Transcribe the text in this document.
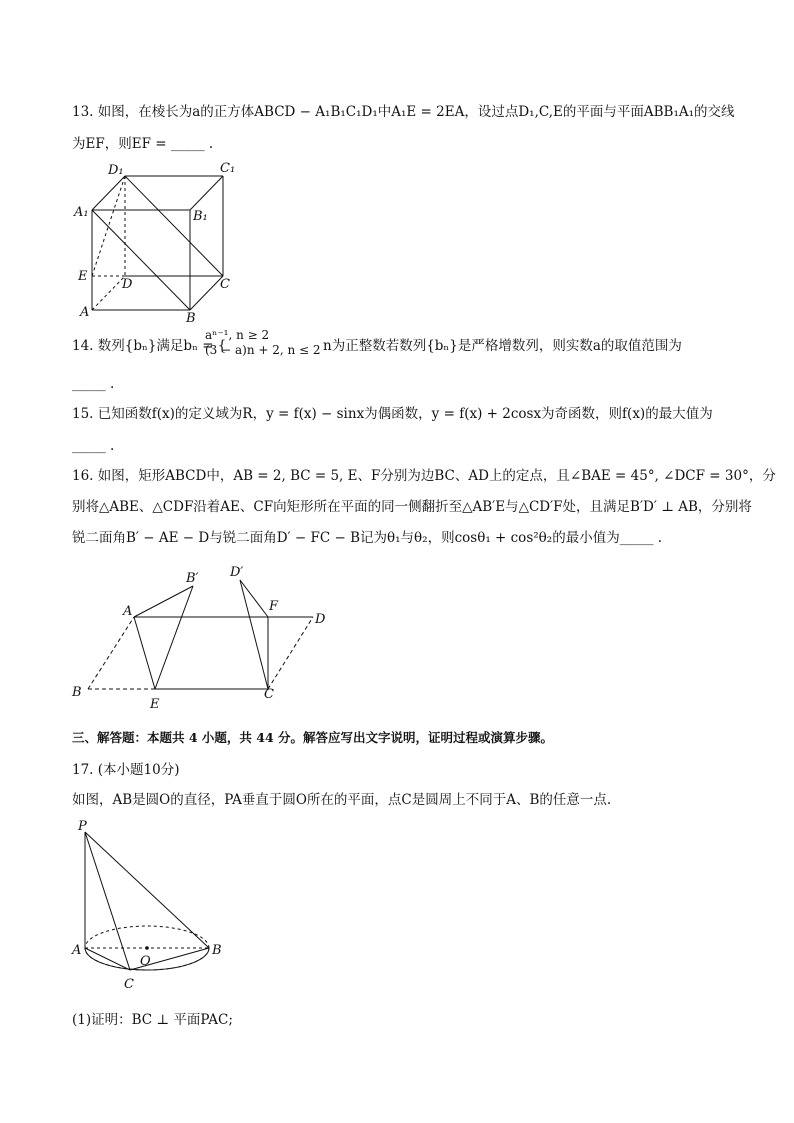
13. 如图，在棱长为a的正方体ABCD − A₁B₁C₁D₁中A₁E = 2EA，设过点D₁,C,E的平面与平面ABB₁A₁的交线
为EF，则EF = _____ .
D₁	C₁
A₁	B₁
E
D	C
A	B
14. 数列{bₙ}满足bₙ = {
aⁿ⁻¹, n ≥ 2
(3 − a)n + 2, n ≤ 2 n为正整数若数列{bₙ}是严格增数列，则实数a的取值范围为
_____ .
15. 已知函数f(x)的定义域为R，y = f(x) − sinx为偶函数，y = f(x) + 2cosx为奇函数，则f(x)的最大值为
_____ .
16. 如图，矩形ABCD中，AB = 2, BC = 5, E、F分别为边BC、AD上的定点，且∠BAE = 45°, ∠DCF = 30°，分
别将△ABE、△CDF沿着AE、CF向矩形所在平面的同一侧翻折至△AB′E与△CD′F处，且满足B′D′ ⊥ AB，分别将
锐二面角B′ − AE − D与锐二面角D′ − FC − B记为θ₁与θ₂，则cosθ₁ + cos²θ₂的最小值为_____ .
A
B′ D′
F
D
B
E
C
三、解答题：本题共 4 小题，共 44 分。解答应写出文字说明，证明过程或演算步骤。
17. (本小题10分)
如图，AB是圆O的直径，PA垂直于圆O所在的平面，点C是圆周上不同于A、B的任意一点.
P
A
O
B
C
(1)证明：BC ⊥ 平面PAC;
